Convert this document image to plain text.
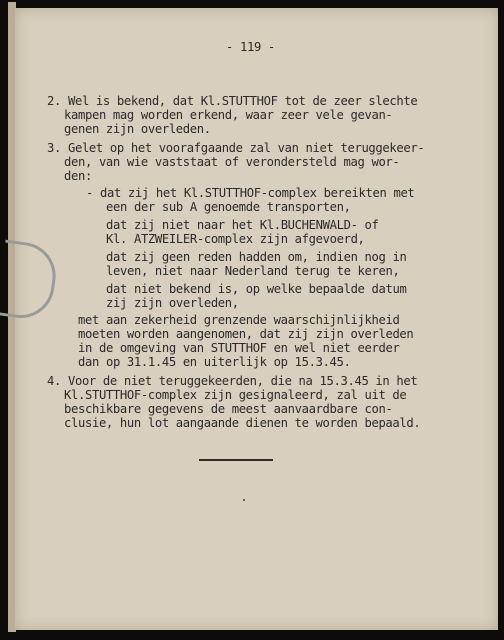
- 119 -

2. Wel is bekend, dat Kl.STUTTHOF tot de zeer slechte

kampen mag worden erkend, waar zeer vele gevan-

genen zijn overleden.

3. Gelet op het voorafgaande zal van niet teruggekeer-

den, van wie vaststaat of verondersteld mag wor-

den:

- dat zij het Kl.STUTTHOF-complex bereikten met

een der sub A genoemde transporten,

dat zij niet naar het Kl.BUCHENWALD- of

Kl. ATZWEILER-complex zijn afgevoerd,

dat zij geen reden hadden om, indien nog in

leven, niet naar Nederland terug te keren,

dat niet bekend is, op welke bepaalde datum

zij zijn overleden,

met aan zekerheid grenzende waarschijnlijkheid

moeten worden aangenomen, dat zij zijn overleden

in de omgeving van STUTTHOF en wel niet eerder

dan op 31.1.45 en uiterlijk op 15.3.45.

4. Voor de niet teruggekeerden, die na 15.3.45 in het

Kl.STUTTHOF-complex zijn gesignaleerd, zal uit de

beschikbare gegevens de meest aanvaardbare con-

clusie, hun lot aangaande dienen te worden bepaald.
